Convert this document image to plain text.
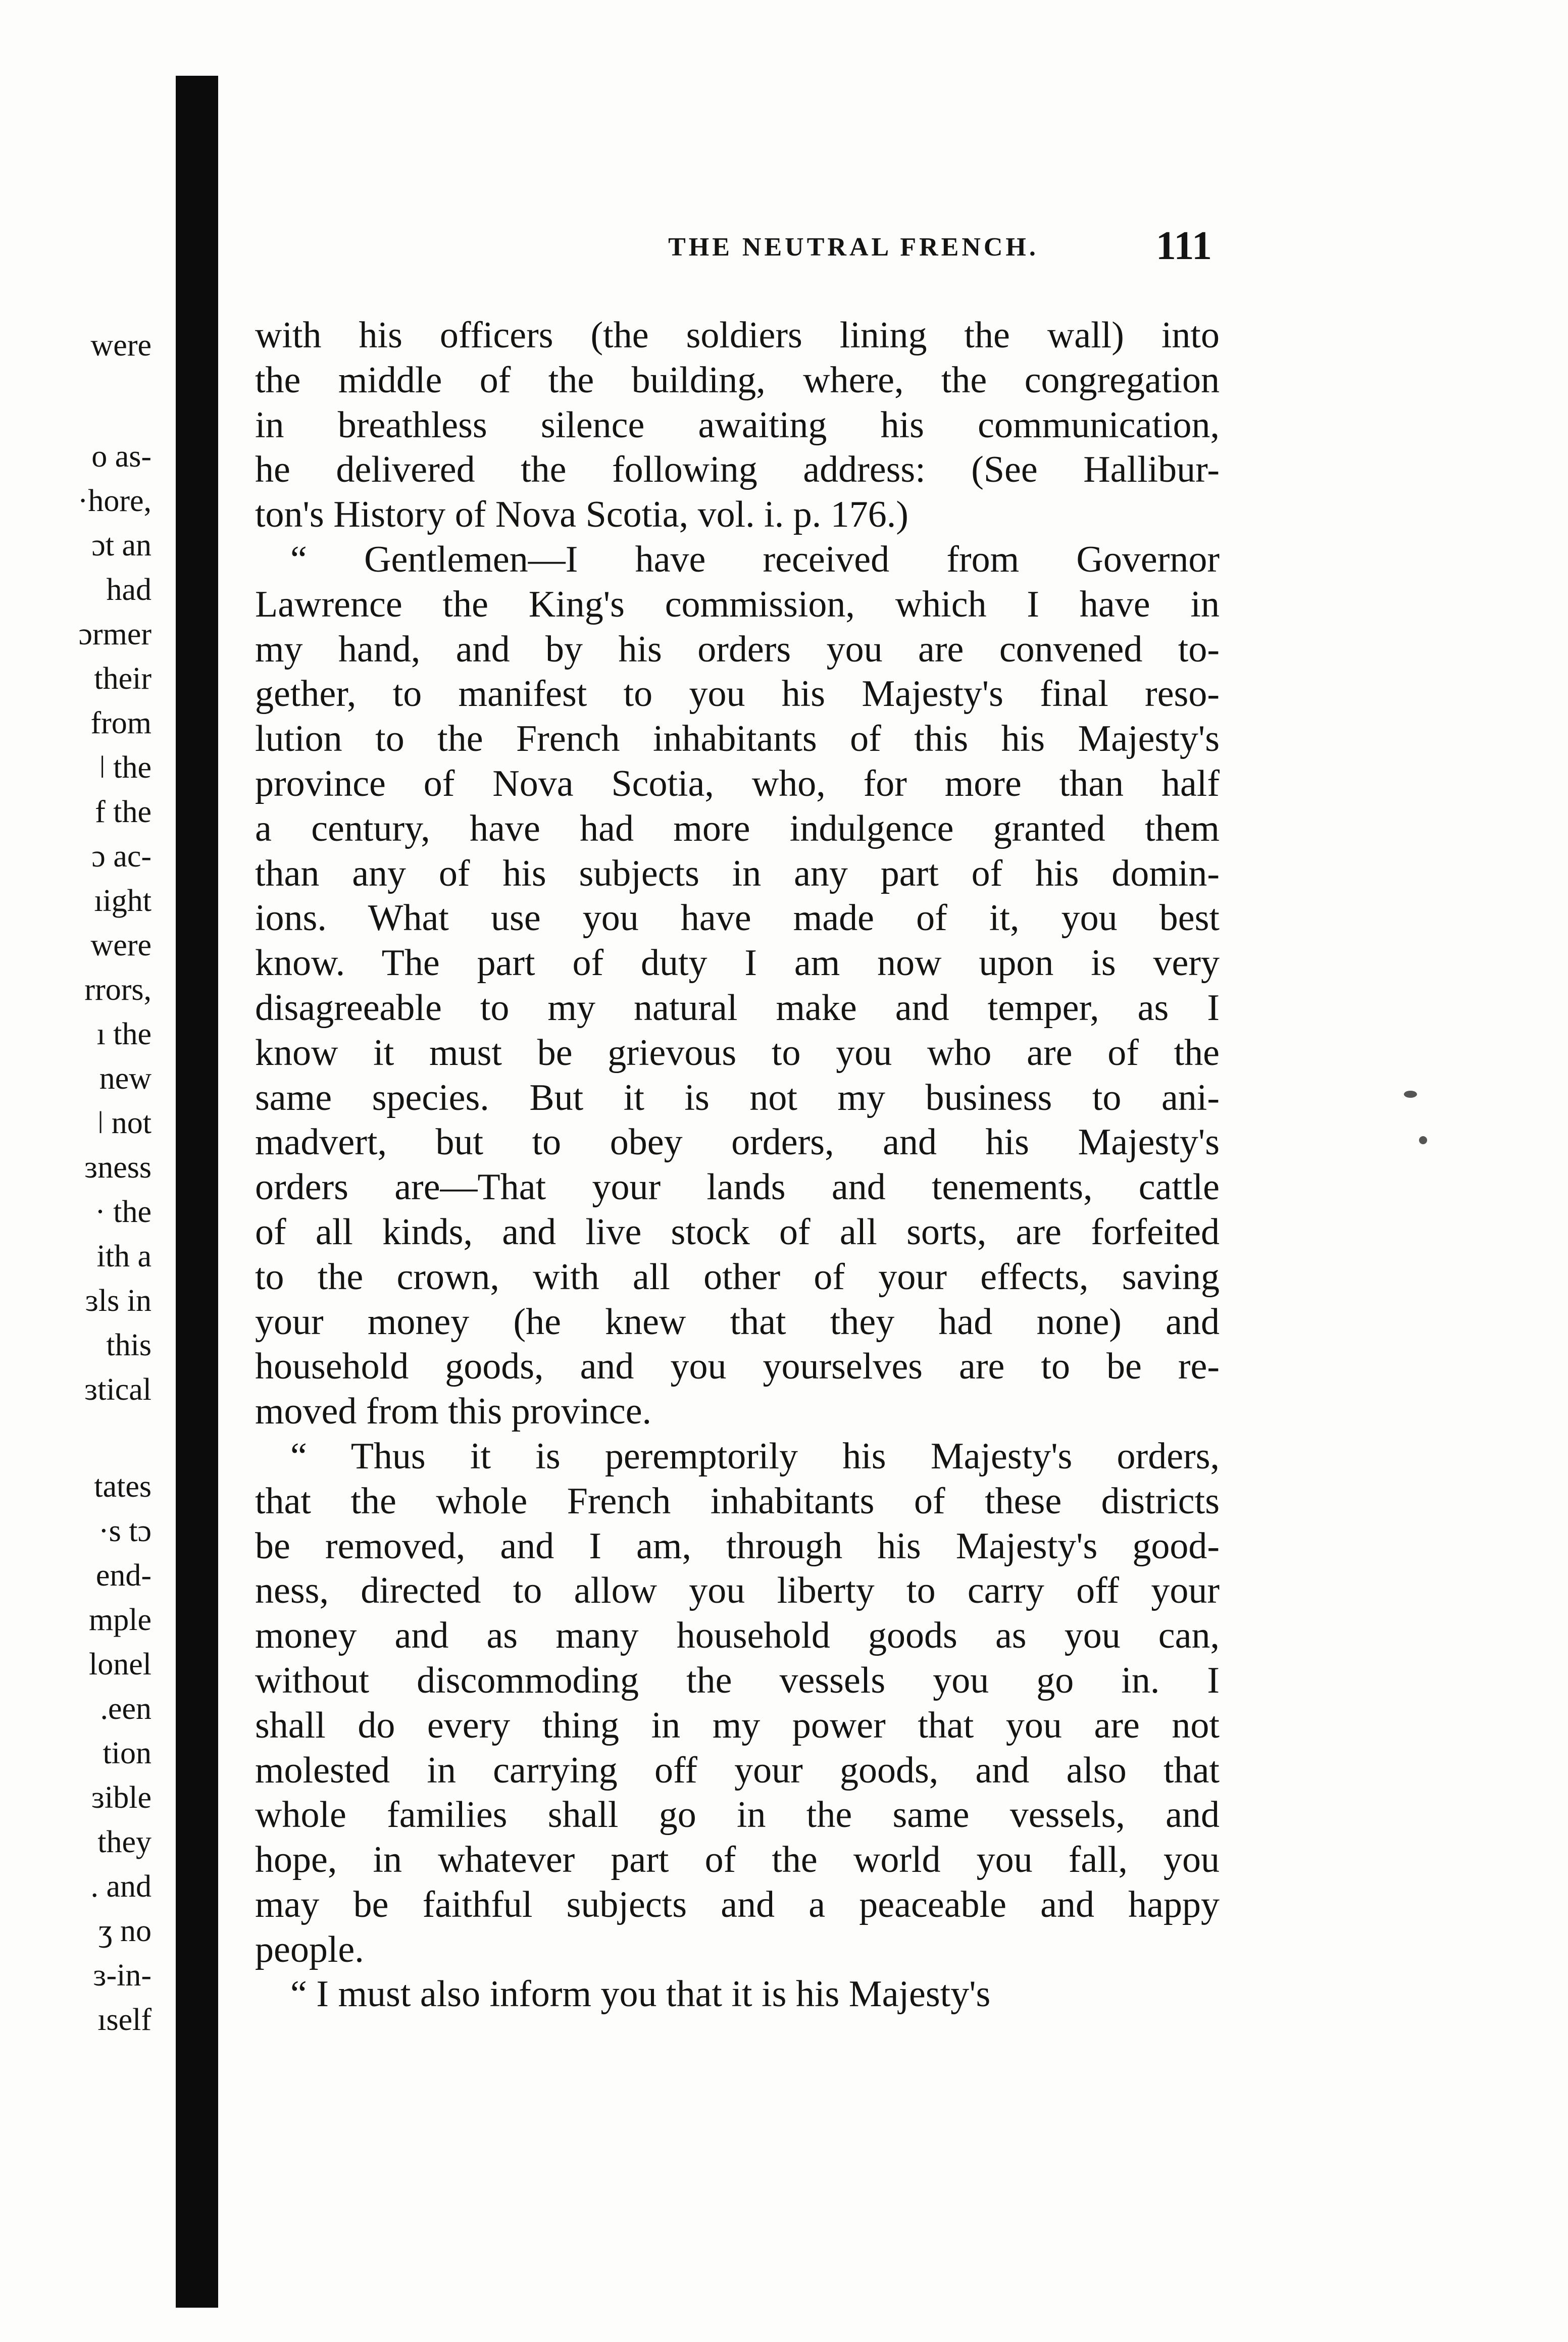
were
o as-
·hore,
ɔt an
had
ɔrmer
their
from
ǀ the
f the
ɔ ac-
ıight
were
rrors,
ı the
new
ǀ not
ɜness
· the
ith a
ɜls in
this
ɜtical
tates
·s tɔ
end-
mple
lonel
.een
tion
ɜible
they
. and
ʒ no
ɜ-in-
ıself
THE NEUTRAL FRENCH.	111
with his officers (the soldiers lining the wall) into
the middle of the building, where, the congregation
in breathless silence awaiting his communication,
he delivered the following address: (See Hallibur-
ton's History of Nova Scotia, vol. i. p. 176.)
“ Gentlemen—I have received from Governor
Lawrence the King's commission, which I have in
my hand, and by his orders you are convened to-
gether, to manifest to you his Majesty's final reso-
lution to the French inhabitants of this his Majesty's
province of Nova Scotia, who, for more than half
a century, have had more indulgence granted them
than any of his subjects in any part of his domin-
ions. What use you have made of it, you best
know. The part of duty I am now upon is very
disagreeable to my natural make and temper, as I
know it must be grievous to you who are of the
same species. But it is not my business to ani-
madvert, but to obey orders, and his Majesty's
orders are—That your lands and tenements, cattle
of all kinds, and live stock of all sorts, are forfeited
to the crown, with all other of your effects, saving
your money (he knew that they had none) and
household goods, and you yourselves are to be re-
moved from this province.
“ Thus it is peremptorily his Majesty's orders,
that the whole French inhabitants of these districts
be removed, and I am, through his Majesty's good-
ness, directed to allow you liberty to carry off your
money and as many household goods as you can,
without discommoding the vessels you go in. I
shall do every thing in my power that you are not
molested in carrying off your goods, and also that
whole families shall go in the same vessels, and
hope, in whatever part of the world you fall, you
may be faithful subjects and a peaceable and happy
people.
“ I must also inform you that it is his Majesty's
